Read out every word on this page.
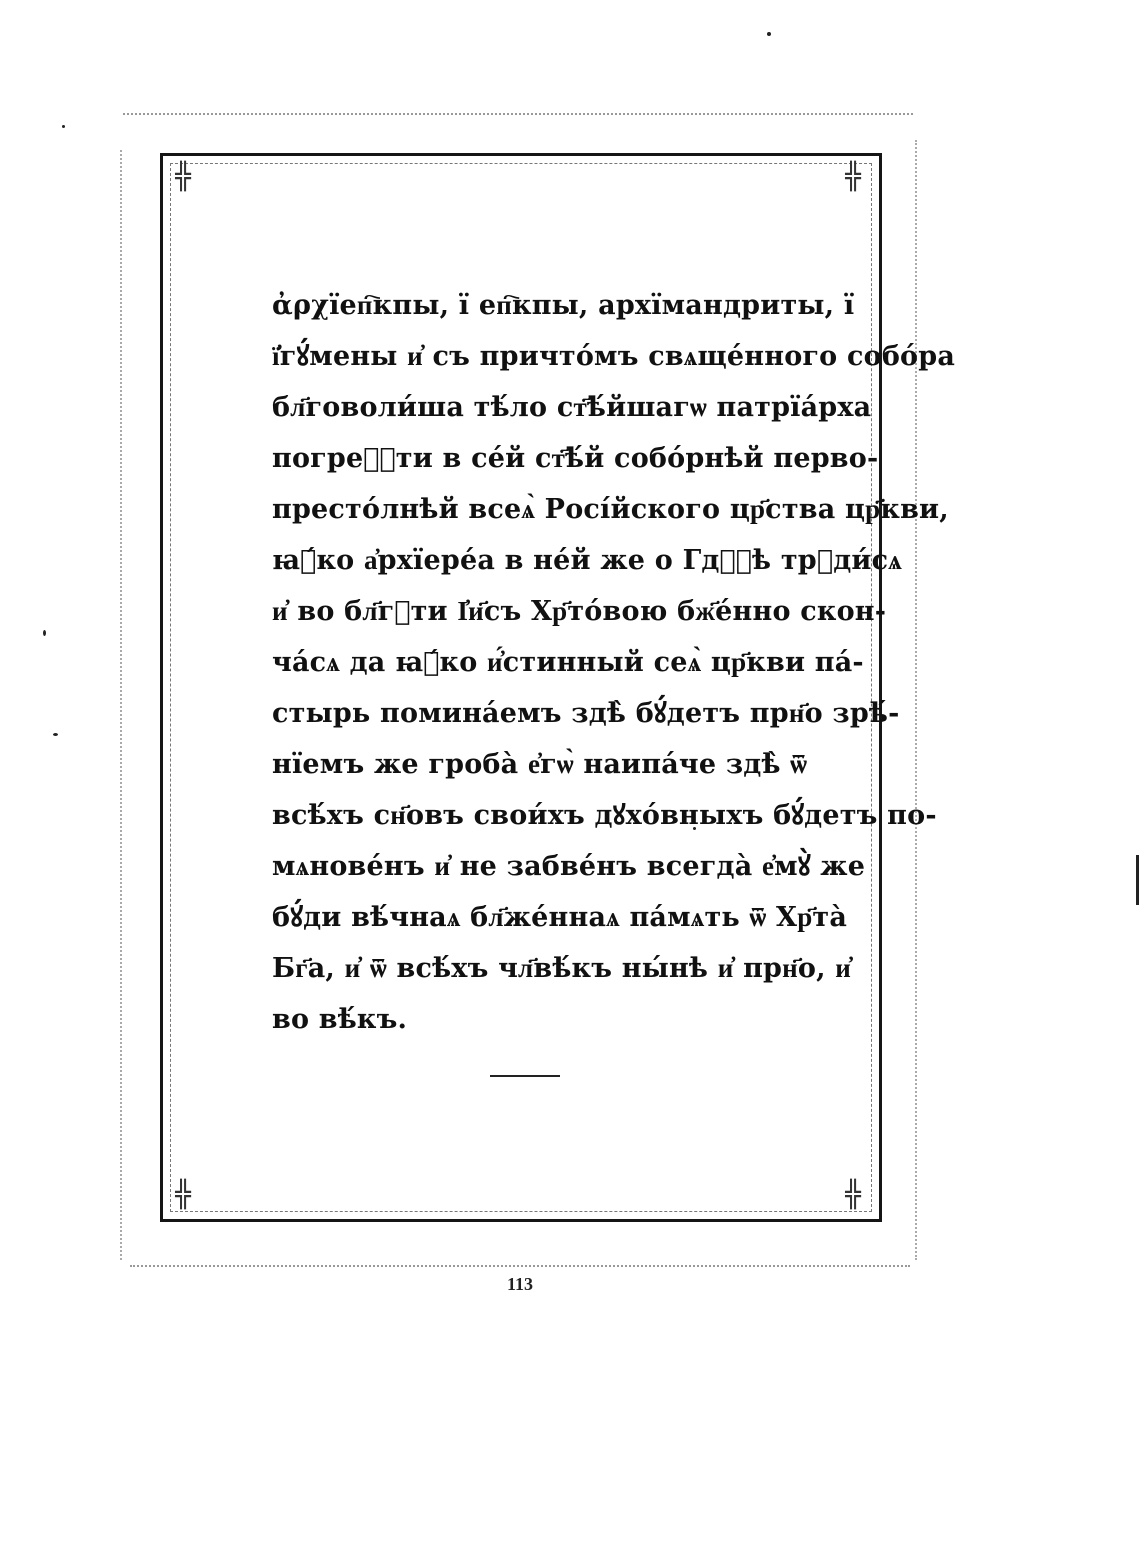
╬	╬
╬	╬
ἀρχїеп҇кпы, ї еп҇кпы, архїмандриты, ї
ї҆гꙋ́мены и҆ съ причто́мъ свѧще́нного собо́ра
бл҃говоли́ша тѣ́ло ст҃ѣ́йшагѡ патрїа́рха
погреⷭ҇ти в се́й ст҃ѣ́й собо́рнѣй перво-
престо́лнѣй всеѧ̀ Росі́йского цр҃ства цр҃кви,
ꙗ҆́ко а҆рхїере́а в не́й же о Гдⷭ҇ѣ трꙋди́сѧ
и҆ во бл҃гⷣти І҆и҃съ Хр҃то́вою бж҃е́нно скон-
ча́сѧ да ꙗ҆́ко и҆́стинный сеѧ̀ цр҃кви па́-
стырь помина́емъ здѣ̀ бꙋ́детъ прн҃о зрѣ́-
нїемъ же гроба̀ е҆гѡ̀ наипа́че здѣ̀ ѿ
всѣ́хъ сн҃овъ свои́хъ дꙋхо́вныхъ бꙋ́детъ по-
мѧнове́нъ и҆ не забве́нъ всегда̀ е҆мꙋ̀ же
бꙋ́ди вѣ́чнаѧ бл҃же́ннаѧ па́мѧть ѿ Хр҃та̀
Бг҃а, и҆ ѿ всѣ́хъ чл҃вѣ́къ ны́нѣ и҆ прн҃о, и҆
во вѣ́къ.
113
